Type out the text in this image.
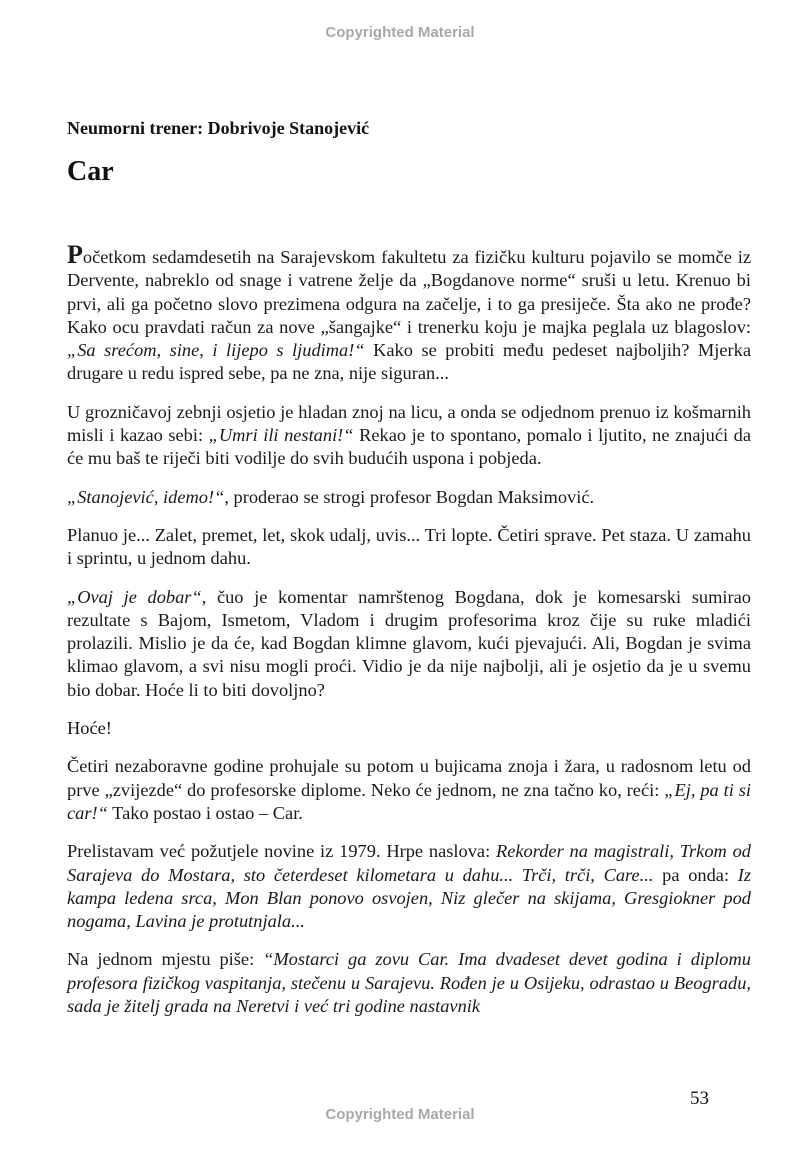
Copyrighted Material
Neumorni trener: Dobrivoje Stanojević
Car

Početkom sedamdesetih na Sarajevskom fakultetu za fizičku kulturu pojavilo se momče iz Dervente, nabreklo od snage i vatrene želje da „Bogdanove norme“ sruši u letu. Krenuo bi prvi, ali ga početno slovo prezimena odgura na začelje, i to ga presiječe. Šta ako ne prođe? Kako ocu pravdati račun za nove „šangajke“ i trenerku koju je majka peglala uz blagoslov: „Sa srećom, sine, i lijepo s ljudima!“ Kako se probiti među pedeset najboljih? Mjerka drugare u redu ispred sebe, pa ne zna, nije siguran...

U grozničavoj zebnji osjetio je hladan znoj na licu, a onda se odjednom prenuo iz košmarnih misli i kazao sebi: „Umri ili nestani!“ Rekao je to spontano, pomalo i ljutito, ne znajući da će mu baš te riječi biti vodilje do svih budućih uspona i pobjeda.

„Stanojević, idemo!“, proderao se strogi profesor Bogdan Maksimović.

Planuo je... Zalet, premet, let, skok udalj, uvis... Tri lopte. Četiri sprave. Pet staza. U zamahu i sprintu, u jednom dahu.

„Ovaj je dobar“, čuo je komentar namrštenog Bogdana, dok je komesarski sumirao rezultate s Bajom, Ismetom, Vladom i drugim profesorima kroz čije su ruke mladići prolazili. Mislio je da će, kad Bogdan klimne glavom, kući pjevajući. Ali, Bogdan je svima klimao glavom, a svi nisu mogli proći. Vidio je da nije najbolji, ali je osjetio da je u svemu bio dobar. Hoće li to biti dovoljno?

Hoće!

Četiri nezaboravne godine prohujale su potom u bujicama znoja i žara, u radosnom letu od prve „zvijezde“ do profesorske diplome. Neko će jednom, ne zna tačno ko, reći: „Ej, pa ti si car!“ Tako postao i ostao – Car.

Prelistavam već požutjele novine iz 1979. Hrpe naslova: Rekorder na magistrali, Trkom od Sarajeva do Mostara, sto četerdeset kilometara u dahu... Trči, trči, Care... pa onda: Iz kampa ledena srca, Mon Blan ponovo osvojen, Niz glečer na skijama, Gresgiokner pod nogama, Lavina je protutnjala...

Na jednom mjestu piše: “Mostarci ga zovu Car. Ima dvadeset devet godina i diplomu profesora fizičkog vaspitanja, stečenu u Sarajevu. Rođen je u Osijeku, odrastao u Beogradu, sada je žitelj grada na Neretvi i već tri godine nastavnik

53
Copyrighted Material
